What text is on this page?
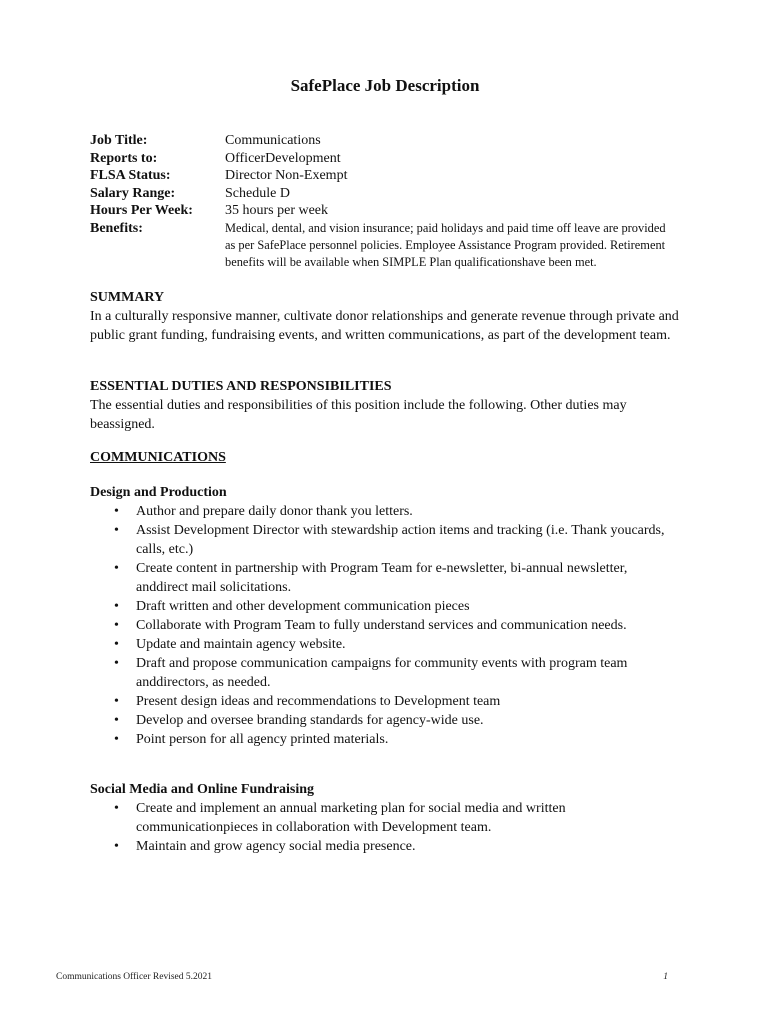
SafePlace Job Description
Job Title:	Communications
Reports to:	OfficerDevelopment
FLSA Status:	Director Non-Exempt
Salary Range:	Schedule D
Hours Per Week:	35 hours per week
Benefits:	Medical, dental, and vision insurance; paid holidays and paid time off leave are provided as per SafePlace personnel policies. Employee Assistance Program provided. Retirement benefits will be available when SIMPLE Plan qualificationshave been met.
SUMMARY
In a culturally responsive manner, cultivate donor relationships and generate revenue through private and public grant funding, fundraising events, and written communications, as part of the development team.
ESSENTIAL DUTIES AND RESPONSIBILITIES
The essential duties and responsibilities of this position include the following. Other duties may beassigned.
COMMUNICATIONS
Design and Production
• Author and prepare daily donor thank you letters.
• Assist Development Director with stewardship action items and tracking (i.e. Thank youcards, calls, etc.)
• Create content in partnership with Program Team for e-newsletter, bi-annual newsletter, anddirect mail solicitations.
• Draft written and other development communication pieces
• Collaborate with Program Team to fully understand services and communication needs.
• Update and maintain agency website.
• Draft and propose communication campaigns for community events with program team anddirectors, as needed.
• Present design ideas and recommendations to Development team
• Develop and oversee branding standards for agency-wide use.
• Point person for all agency printed materials.
Social Media and Online Fundraising
• Create and implement an annual marketing plan for social media and written communicationpieces in collaboration with Development team.
• Maintain and grow agency social media presence.
Communications Officer Revised 5.2021	1
